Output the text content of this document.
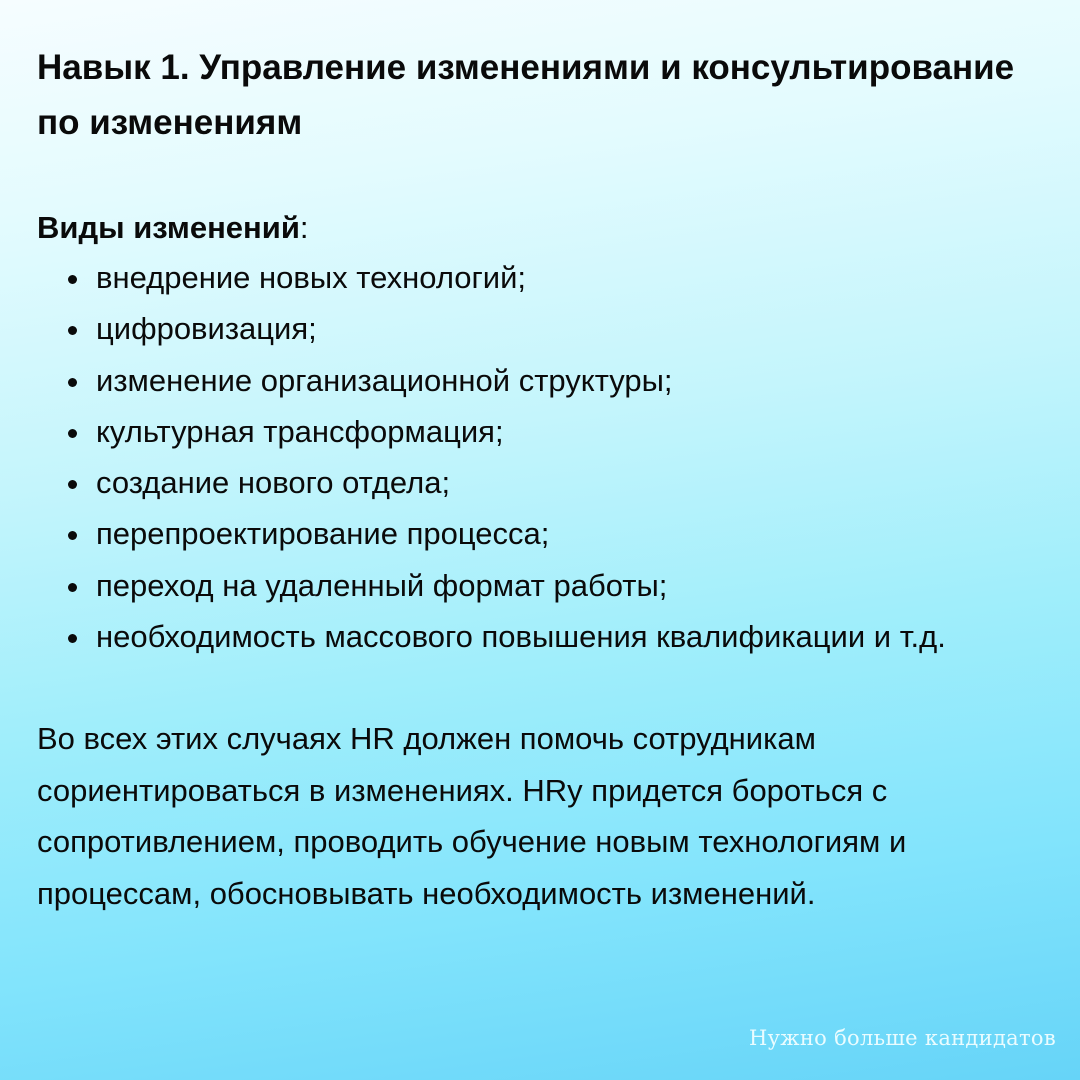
Навык 1. Управление изменениями и консультирование по изменениям
Виды изменений:
внедрение новых технологий;
цифровизация;
изменение организационной структуры;
культурная трансформация;
создание нового отдела;
перепроектирование процесса;
переход на удаленный формат работы;
необходимость массового повышения квалификации и т.д.

Во всех этих случаях HR должен помочь сотрудникам сориентироваться в изменениях. HRу придется бороться с сопротивлением, проводить обучение новым технологиям и процессам, обосновывать необходимость изменений.

Нужно больше кандидатов
